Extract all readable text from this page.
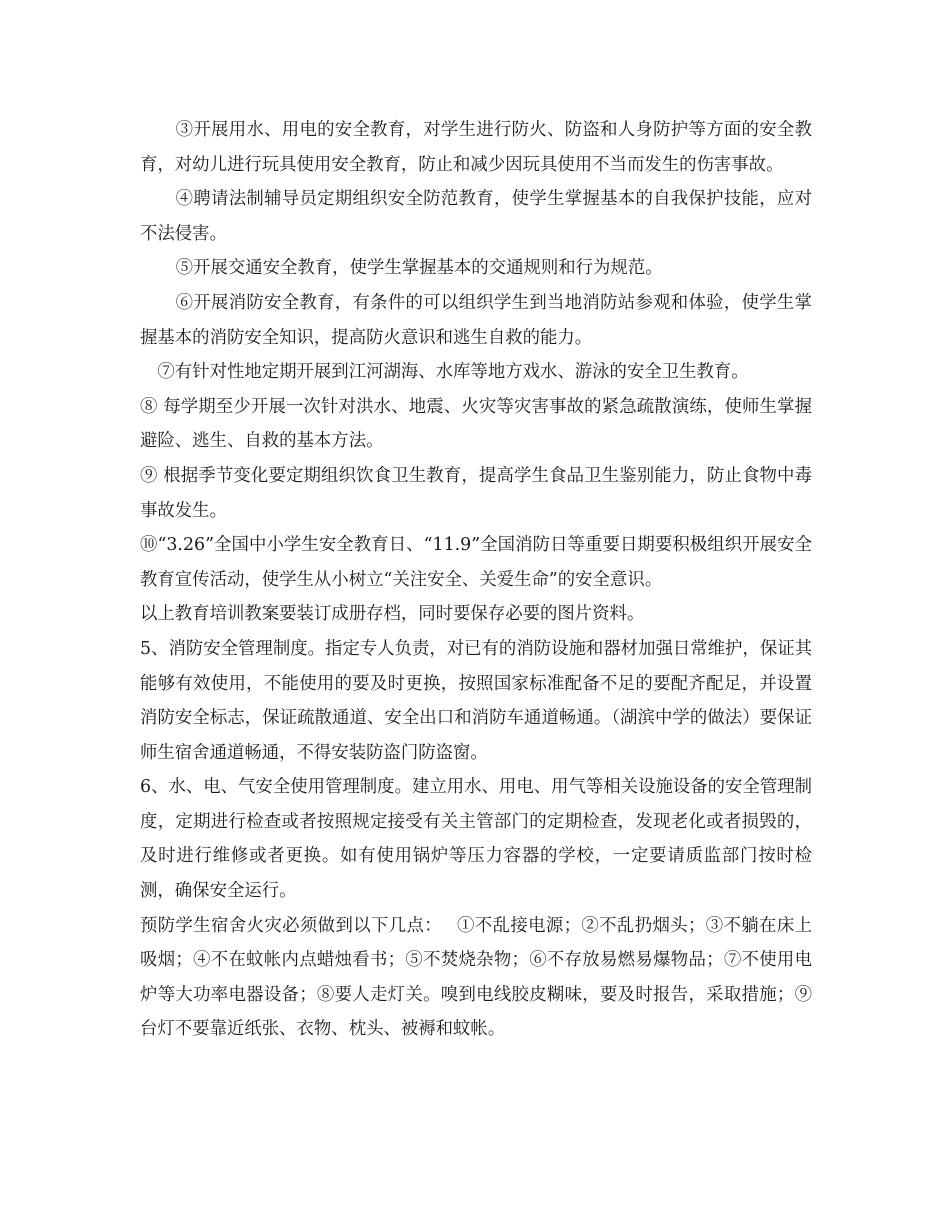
③开展用水、用电的安全教育，对学生进行防火、防盗和人身防护等方面的安全教育，对幼儿进行玩具使用安全教育，防止和减少因玩具使用不当而发生的伤害事故。

④聘请法制辅导员定期组织安全防范教育，使学生掌握基本的自我保护技能，应对不法侵害。

⑤开展交通安全教育，使学生掌握基本的交通规则和行为规范。

⑥开展消防安全教育，有条件的可以组织学生到当地消防站参观和体验，使学生掌握基本的消防安全知识，提高防火意识和逃生自救的能力。

⑦有针对性地定期开展到江河湖海、水库等地方戏水、游泳的安全卫生教育。

⑧ 每学期至少开展一次针对洪水、地震、火灾等灾害事故的紧急疏散演练，使师生掌握避险、逃生、自救的基本方法。

⑨ 根据季节变化要定期组织饮食卫生教育，提高学生食品卫生鉴别能力，防止食物中毒事故发生。

⑩“3.26”全国中小学生安全教育日、“11.9”全国消防日等重要日期要积极组织开展安全教育宣传活动，使学生从小树立“关注安全、关爱生命”的安全意识。

以上教育培训教案要装订成册存档，同时要保存必要的图片资料。

5、消防安全管理制度。指定专人负责，对已有的消防设施和器材加强日常维护，保证其能够有效使用，不能使用的要及时更换，按照国家标准配备不足的要配齐配足，并设置消防安全标志，保证疏散通道、安全出口和消防车通道畅通。（湖滨中学的做法）要保证师生宿舍通道畅通，不得安装防盗门防盗窗。

6、水、电、气安全使用管理制度。建立用水、用电、用气等相关设施设备的安全管理制度，定期进行检查或者按照规定接受有关主管部门的定期检查，发现老化或者损毁的，及时进行维修或者更换。如有使用锅炉等压力容器的学校，一定要请质监部门按时检测，确保安全运行。

预防学生宿舍火灾必须做到以下几点：　 ①不乱接电源；②不乱扔烟头；③不躺在床上吸烟；④不在蚊帐内点蜡烛看书；⑤不焚烧杂物；⑥不存放易燃易爆物品；⑦不使用电炉等大功率电器设备；⑧要人走灯关。嗅到电线胶皮糊味，要及时报告，采取措施；⑨台灯不要靠近纸张、衣物、枕头、被褥和蚊帐。
